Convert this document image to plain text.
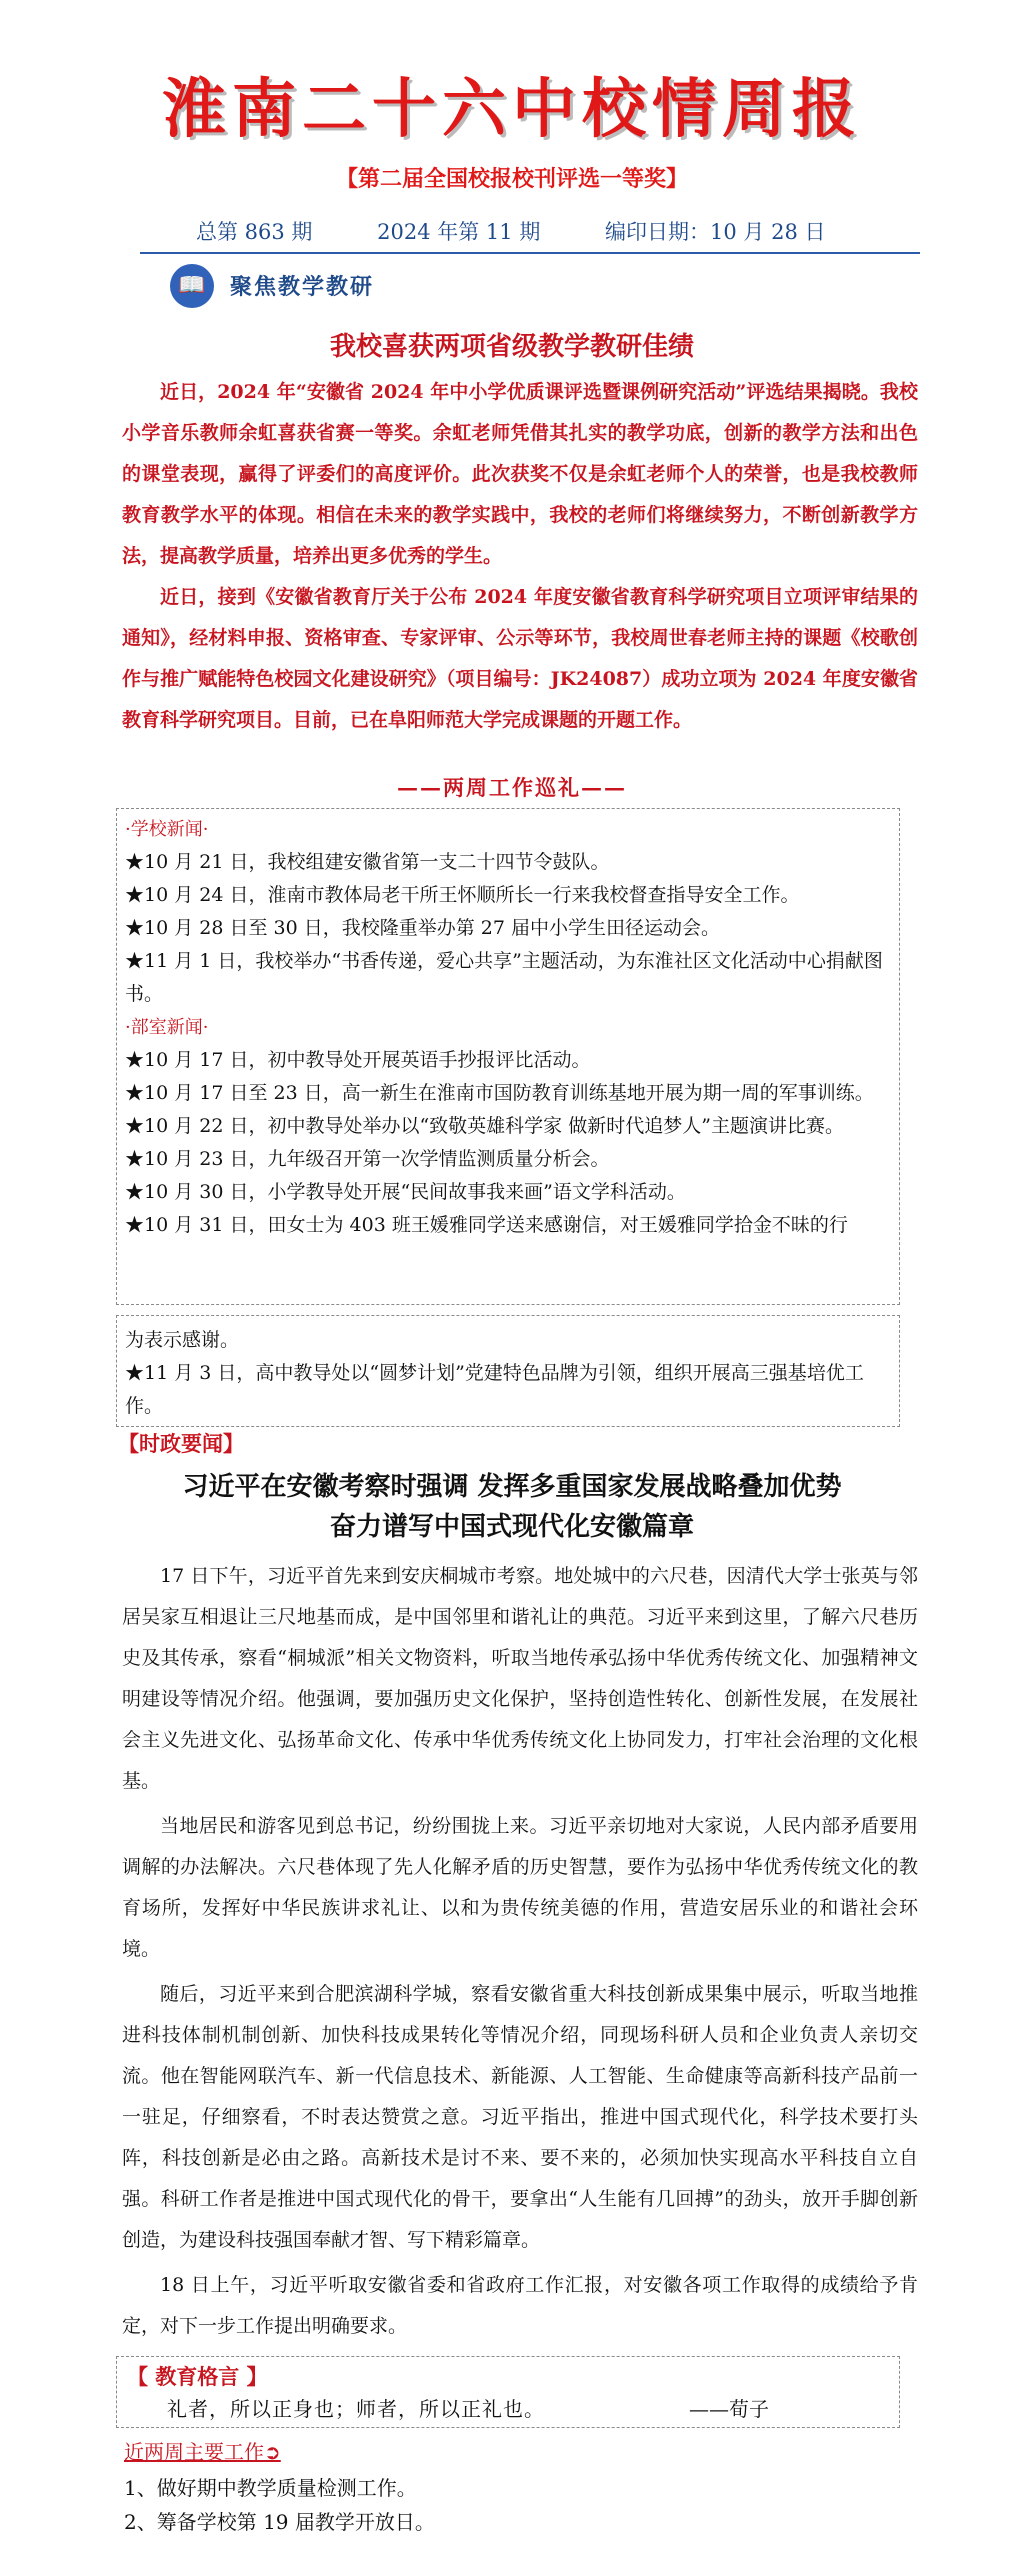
淮南二十六中校情周报
【第二届全国校报校刊评选一等奖】
总第 863 期	2024 年第 11 期	编印日期：10 月 28 日
📖	聚焦教学教研
我校喜获两项省级教学教研佳绩

近日，2024 年“安徽省 2024 年中小学优质课评选暨课例研究活动”评选结果揭晓。我校小学音乐教师余虹喜获省赛一等奖。余虹老师凭借其扎实的教学功底，创新的教学方法和出色的课堂表现，赢得了评委们的高度评价。此次获奖不仅是余虹老师个人的荣誉，也是我校教师教育教学水平的体现。相信在未来的教学实践中，我校的老师们将继续努力，不断创新教学方法，提高教学质量，培养出更多优秀的学生。

近日，接到《安徽省教育厅关于公布 2024 年度安徽省教育科学研究项目立项评审结果的通知》，经材料申报、资格审查、专家评审、公示等环节，我校周世春老师主持的课题《校歌创作与推广赋能特色校园文化建设研究》（项目编号：JK24087）成功立项为 2024 年度安徽省教育科学研究项目。目前，已在阜阳师范大学完成课题的开题工作。

——两周工作巡礼——
·学校新闻·

★10 月 21 日，我校组建安徽省第一支二十四节令鼓队。

★10 月 24 日，淮南市教体局老干所王怀顺所长一行来我校督查指导安全工作。

★10 月 28 日至 30 日，我校隆重举办第 27 届中小学生田径运动会。

★11 月 1 日，我校举办“书香传递，爱心共享”主题活动，为东淮社区文化活动中心捐献图书。

·部室新闻·

★10 月 17 日，初中教导处开展英语手抄报评比活动。

★10 月 17 日至 23 日，高一新生在淮南市国防教育训练基地开展为期一周的军事训练。

★10 月 22 日，初中教导处举办以“致敬英雄科学家 做新时代追梦人”主题演讲比赛。

★10 月 23 日，九年级召开第一次学情监测质量分析会。

★10 月 30 日，小学教导处开展“民间故事我来画”语文学科活动。

★10 月 31 日，田女士为 403 班王媛雅同学送来感谢信，对王媛雅同学拾金不昧的行

为表示感谢。

★11 月 3 日，高中教导处以“圆梦计划”党建特色品牌为引领，组织开展高三强基培优工作。

【时政要闻】
习近平在安徽考察时强调 发挥多重国家发展战略叠加优势
奋力谱写中国式现代化安徽篇章

17 日下午，习近平首先来到安庆桐城市考察。地处城中的六尺巷，因清代大学士张英与邻居吴家互相退让三尺地基而成，是中国邻里和谐礼让的典范。习近平来到这里，了解六尺巷历史及其传承，察看“桐城派”相关文物资料，听取当地传承弘扬中华优秀传统文化、加强精神文明建设等情况介绍。他强调，要加强历史文化保护，坚持创造性转化、创新性发展，在发展社会主义先进文化、弘扬革命文化、传承中华优秀传统文化上协同发力，打牢社会治理的文化根基。

当地居民和游客见到总书记，纷纷围拢上来。习近平亲切地对大家说，人民内部矛盾要用调解的办法解决。六尺巷体现了先人化解矛盾的历史智慧，要作为弘扬中华优秀传统文化的教育场所，发挥好中华民族讲求礼让、以和为贵传统美德的作用，营造安居乐业的和谐社会环境。

随后，习近平来到合肥滨湖科学城，察看安徽省重大科技创新成果集中展示，听取当地推进科技体制机制创新、加快科技成果转化等情况介绍，同现场科研人员和企业负责人亲切交流。他在智能网联汽车、新一代信息技术、新能源、人工智能、生命健康等高新科技产品前一一驻足，仔细察看，不时表达赞赏之意。习近平指出，推进中国式现代化，科学技术要打头阵，科技创新是必由之路。高新技术是讨不来、要不来的，必须加快实现高水平科技自立自强。科研工作者是推进中国式现代化的骨干，要拿出“人生能有几回搏”的劲头，放开手脚创新创造，为建设科技强国奉献才智、写下精彩篇章。

18 日上午，习近平听取安徽省委和省政府工作汇报，对安徽各项工作取得的成绩给予肯定，对下一步工作提出明确要求。

【 教育格言 】
礼者，所以正身也；师者，所以正礼也。	——荀子
近两周主要工作➲
1、做好期中教学质量检测工作。
2、筹备学校第 19 届教学开放日。
